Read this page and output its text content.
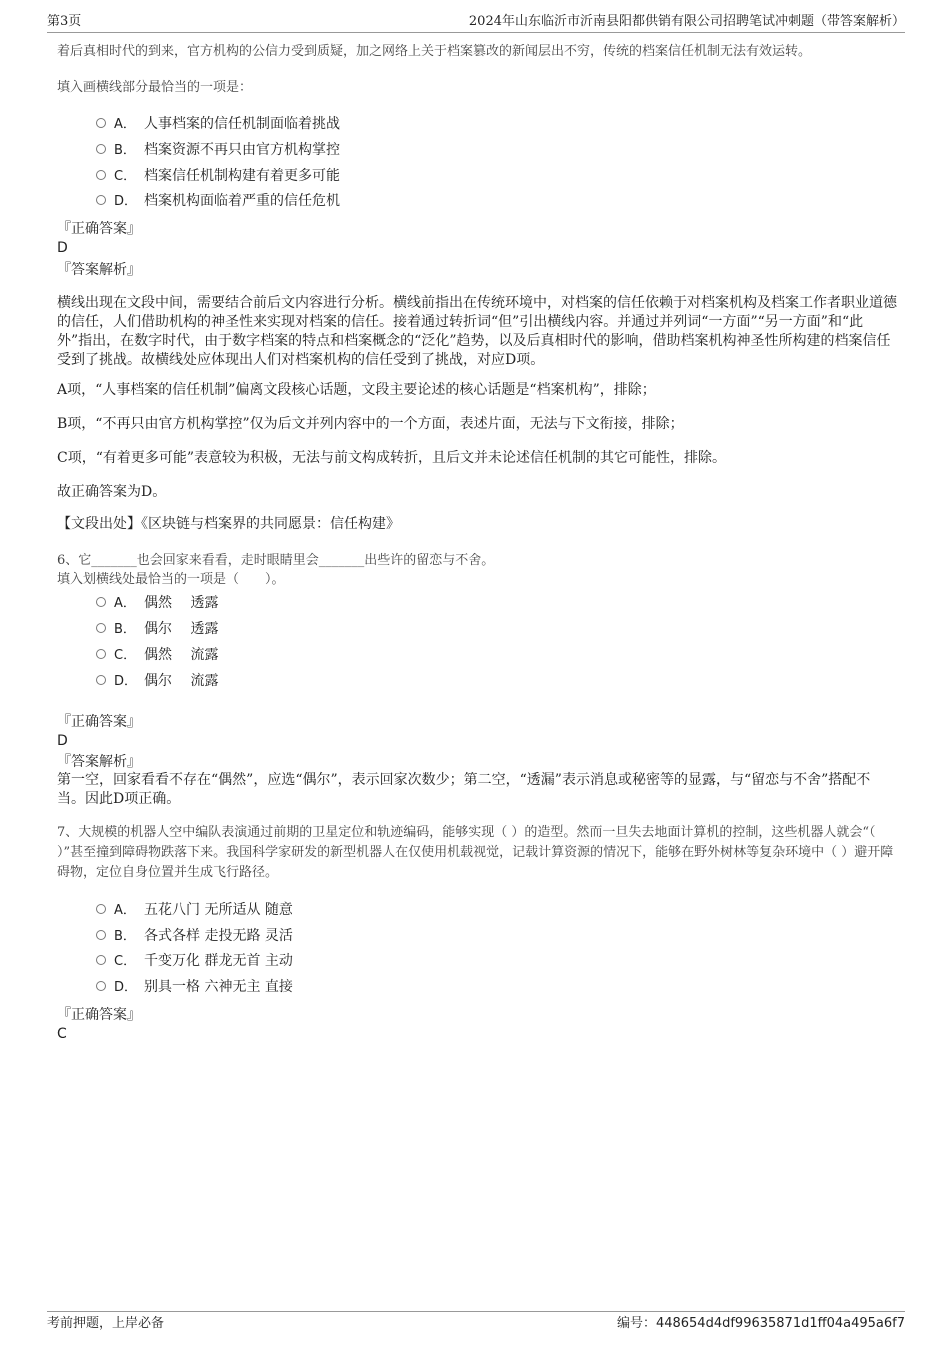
第3页	2024年山东临沂市沂南县阳都供销有限公司招聘笔试冲刺题（带答案解析）
着后真相时代的到来，官方机构的公信力受到质疑，加之网络上关于档案篡改的新闻层出不穷，传统的档案信任机制无法有效运转。
填入画横线部分最恰当的一项是：
A． 人事档案的信任机制面临着挑战
B． 档案资源不再只由官方机构掌控
C． 档案信任机制构建有着更多可能
D． 档案机构面临着严重的信任危机
『正确答案』
D
『答案解析』
横线出现在文段中间，需要结合前后文内容进行分析。横线前指出在传统环境中，对档案的信任依赖于对档案机构及档案工作者职业道德的信任，人们借助机构的神圣性来实现对档案的信任。接着通过转折词“但”引出横线内容。并通过并列词“一方面”“另一方面”和“此外”指出，在数字时代，由于数字档案的特点和档案概念的“泛化”趋势，以及后真相时代的影响，借助档案机构神圣性所构建的档案信任受到了挑战。故横线处应体现出人们对档案机构的信任受到了挑战，对应D项。
A项，“人事档案的信任机制”偏离文段核心话题，文段主要论述的核心话题是“档案机构”，排除；
B项，“不再只由官方机构掌控”仅为后文并列内容中的一个方面，表述片面，无法与下文衔接，排除；
C项，“有着更多可能”表意较为积极，无法与前文构成转折，且后文并未论述信任机制的其它可能性，排除。
故正确答案为D。
【文段出处】《区块链与档案界的共同愿景：信任构建》
6、它_______也会回家来看看，走时眼睛里会_______出些许的留恋与不舍。
填入划横线处最恰当的一项是（　　）。
A． 偶然　 透露
B． 偶尔　 透露
C． 偶然　 流露
D． 偶尔　 流露
『正确答案』
D
『答案解析』
第一空，回家看看不存在“偶然”，应选“偶尔”，表示回家次数少；第二空，“透漏”表示消息或秘密等的显露，与“留恋与不舍”搭配不当。因此D项正确。
7、大规模的机器人空中编队表演通过前期的卫星定位和轨迹编码，能够实现（ ）的造型。然而一旦失去地面计算机的控制，这些机器人就会“（ ）”甚至撞到障碍物跌落下来。我国科学家研发的新型机器人在仅使用机载视觉，记载计算资源的情况下，能够在野外树林等复杂环境中（ ）避开障碍物，定位自身位置并生成飞行路径。
A． 五花八门 无所适从 随意
B． 各式各样 走投无路 灵活
C． 千变万化 群龙无首 主动
D． 别具一格 六神无主 直接
『正确答案』
C
考前押题，上岸必备	编号：448654d4df99635871d1ff04a495a6f7
